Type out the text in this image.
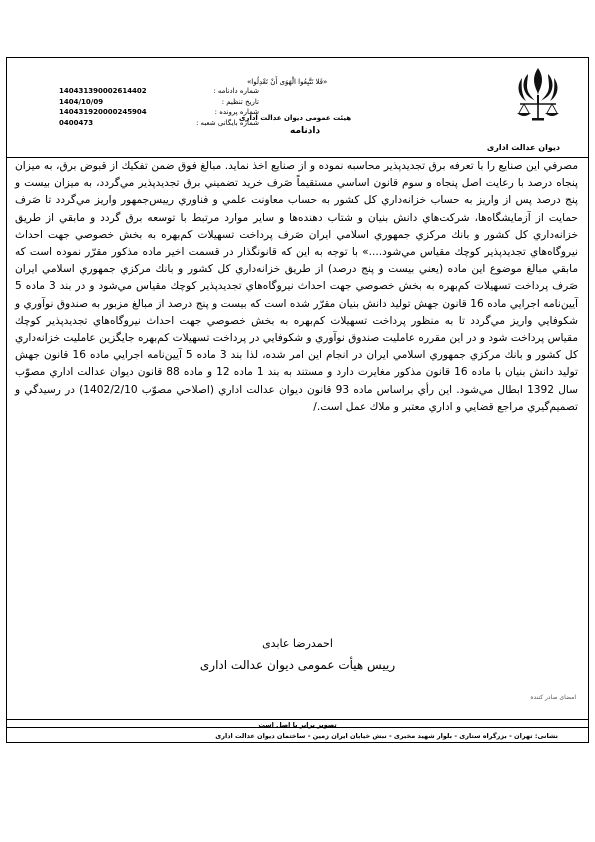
دیوان عدالت اداری
«فَلا تَتَّبِعُوا الْهَوَى أَنْ تَعْدِلُوا»
هيئت عمومی ديوان عدالت اداری
دادنامه
140431390002614402	شماره دادنامه :
1404/10/09	تاریخ تنظیم :
140431920000245904	شماره پرونده :
0400473	شماره بایگانی شعبه :
مصرفي اين صنايع را با تعرفه برق تجديدپذير محاسبه نموده و از صنايع اخذ نمايد. مبالغ فوق ضمن تفكيك از قبوض برق، به ميزان پنجاه درصد با رعايت اصل پنجاه و سوم قانون اساسي مستقيماً صَرف خريد تضميني برق تجديدپذير مي‌گردد، به ميزان بيست و پنج درصد پس از واريز به حساب خزانه‌داري كل كشور به حساب معاونت علمي و فناوري رييس‌جمهور واريز مي‌گردد تا صَرف حمايت از آزمايشگاه‌ها، شركت‌هاي دانش بنيان و شتاب دهنده‌ها و ساير موارد مرتبط با توسعه برق گردد و مابقي از طريق خزانه‌داري كل كشور و بانك مركزي جمهوري اسلامي ايران صَرف پرداخت تسهيلات كم‌بهره به بخش خصوصي جهت احداث نيروگاه‌هاي تجديدپذير كوچك مقياس مي‌شود....» با توجه به اين كه قانونگذار در قسمت اخير ماده مذكور مقرّر نموده است كه مابقي مبالغ موضوع اين ماده (يعني بيست و پنج درصد) از طريق خزانه‌داري كل كشور و بانك مركزي جمهوري اسلامي ايران صَرف پرداخت تسهيلات كم‌بهره به بخش خصوصي جهت احداث نيروگاه‌هاي تجديدپذير كوچك مقياس مي‌شود و در بند 3 ماده 5 آيين‌نامه اجرايي ماده 16 قانون جهش توليد دانش بنيان مقرّر شده است كه بيست و پنج درصد از مبالغ مزبور به صندوق نوآوري و شكوفايي واريز مي‌گردد تا به منظور پرداخت تسهيلات كم‌بهره به بخش خصوصي جهت احداث نيروگاه‌هاي تجديدپذير كوچك مقياس پرداخت شود و در اين مقرره عامليت صندوق نوآوري و شكوفايي در پرداخت تسهيلات كم‌بهره جايگزين عامليت خزانه‌داري كل كشور و بانك مركزي جمهوري اسلامي ايران در انجام اين امر شده، لذا بند 3 ماده 5 آيين‌نامه اجرايي ماده 16 قانون جهش توليد دانش بنيان با ماده 16 قانون مذكور مغايرت دارد و مستند به بند 1 ماده 12 و ماده 88 قانون ديوان عدالت اداري مصوّب سال 1392 ابطال مي‌شود. اين رأي براساس ماده 93 قانون ديوان عدالت اداري (اصلاحي مصوّب 1402/2/10) در رسيدگي و تصميم‌گيري مراجع قضايي و اداري معتبر و ملاك عمل است./
احمدرضا عابدی
رييس هيأت عمومی ديوان عدالت اداری
امضای صادر کننده
تصویر برابر با اصل است
نشانی: تهران - بزرگراه ستاری - بلوار شهید مخبری - نبش خیابان ایران زمین - ساختمان دیوان عدالت اداری
